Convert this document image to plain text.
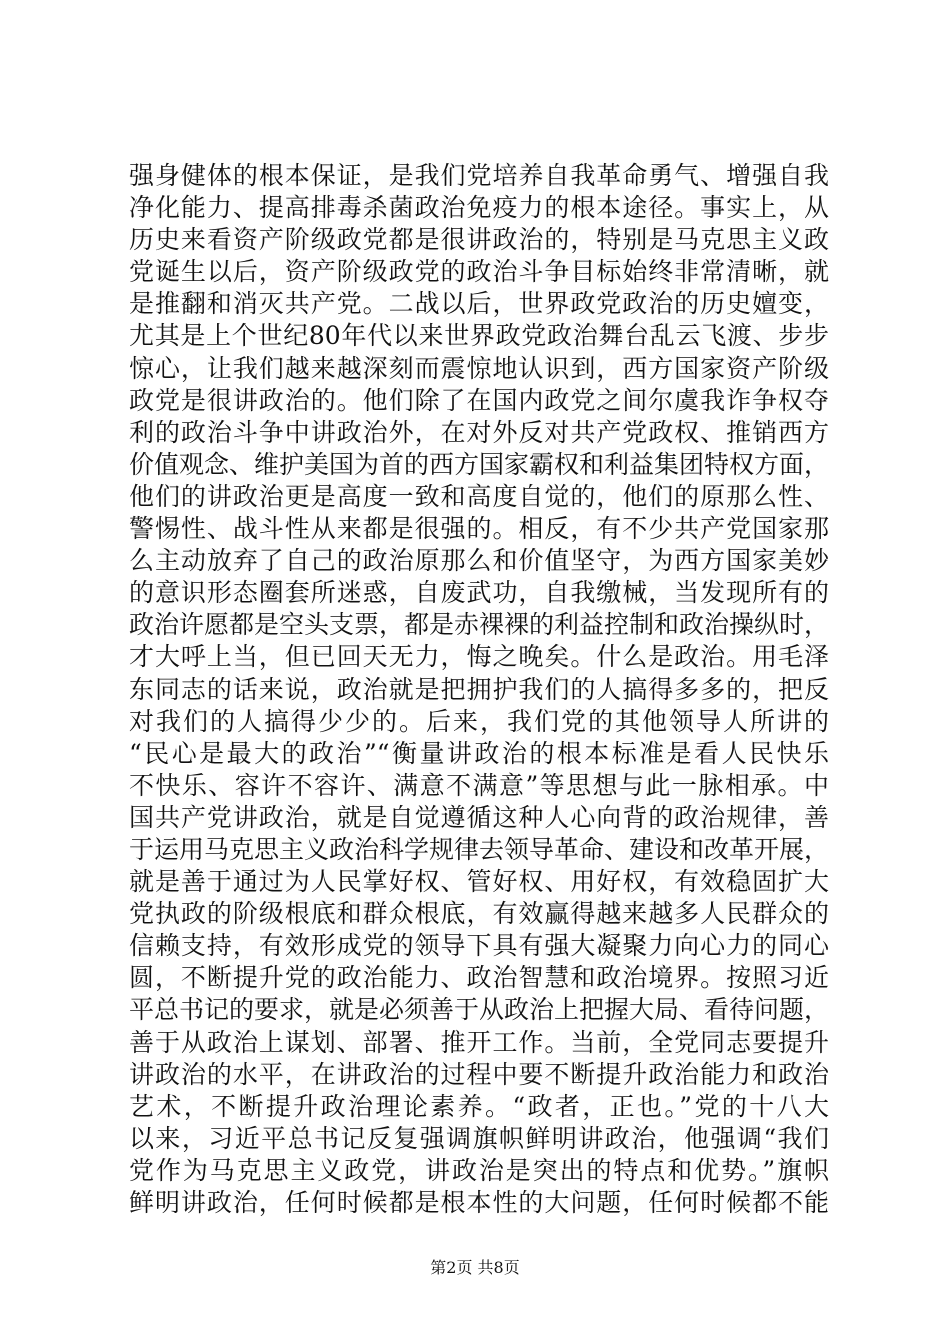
强身健体的根本保证，是我们党培养自我革命勇气、增强自我
净化能力、提高排毒杀菌政治免疫力的根本途径。事实上，从
历史来看资产阶级政党都是很讲政治的，特别是马克思主义政
党诞生以后，资产阶级政党的政治斗争目标始终非常清晰，就
是推翻和消灭共产党。二战以后，世界政党政治的历史嬗变，
尤其是上个世纪80年代以来世界政党政治舞台乱云飞渡、步步
惊心，让我们越来越深刻而震惊地认识到，西方国家资产阶级
政党是很讲政治的。他们除了在国内政党之间尔虞我诈争权夺
利的政治斗争中讲政治外，在对外反对共产党政权、推销西方
价值观念、维护美国为首的西方国家霸权和利益集团特权方面，
他们的讲政治更是高度一致和高度自觉的，他们的原那么性、
警惕性、战斗性从来都是很强的。相反，有不少共产党国家那
么主动放弃了自己的政治原那么和价值坚守，为西方国家美妙
的意识形态圈套所迷惑，自废武功，自我缴械，当发现所有的
政治许愿都是空头支票，都是赤裸裸的利益控制和政治操纵时，
才大呼上当，但已回天无力，悔之晚矣。什么是政治。用毛泽
东同志的话来说，政治就是把拥护我们的人搞得多多的，把反
对我们的人搞得少少的。后来，我们党的其他领导人所讲的
“民心是最大的政治”“衡量讲政治的根本标准是看人民快乐
不快乐、容许不容许、满意不满意”等思想与此一脉相承。中
国共产党讲政治，就是自觉遵循这种人心向背的政治规律，善
于运用马克思主义政治科学规律去领导革命、建设和改革开展，
就是善于通过为人民掌好权、管好权、用好权，有效稳固扩大
党执政的阶级根底和群众根底，有效赢得越来越多人民群众的
信赖支持，有效形成党的领导下具有强大凝聚力向心力的同心
圆，不断提升党的政治能力、政治智慧和政治境界。按照习近
平总书记的要求，就是必须善于从政治上把握大局、看待问题，
善于从政治上谋划、部署、推开工作。当前，全党同志要提升
讲政治的水平，在讲政治的过程中要不断提升政治能力和政治
艺术，不断提升政治理论素养。“政者，正也。”党的十八大
以来，习近平总书记反复强调旗帜鲜明讲政治，他强调“我们
党作为马克思主义政党，讲政治是突出的特点和优势。”旗帜
鲜明讲政治，任何时候都是根本性的大问题，任何时候都不能
第2页 共8页
